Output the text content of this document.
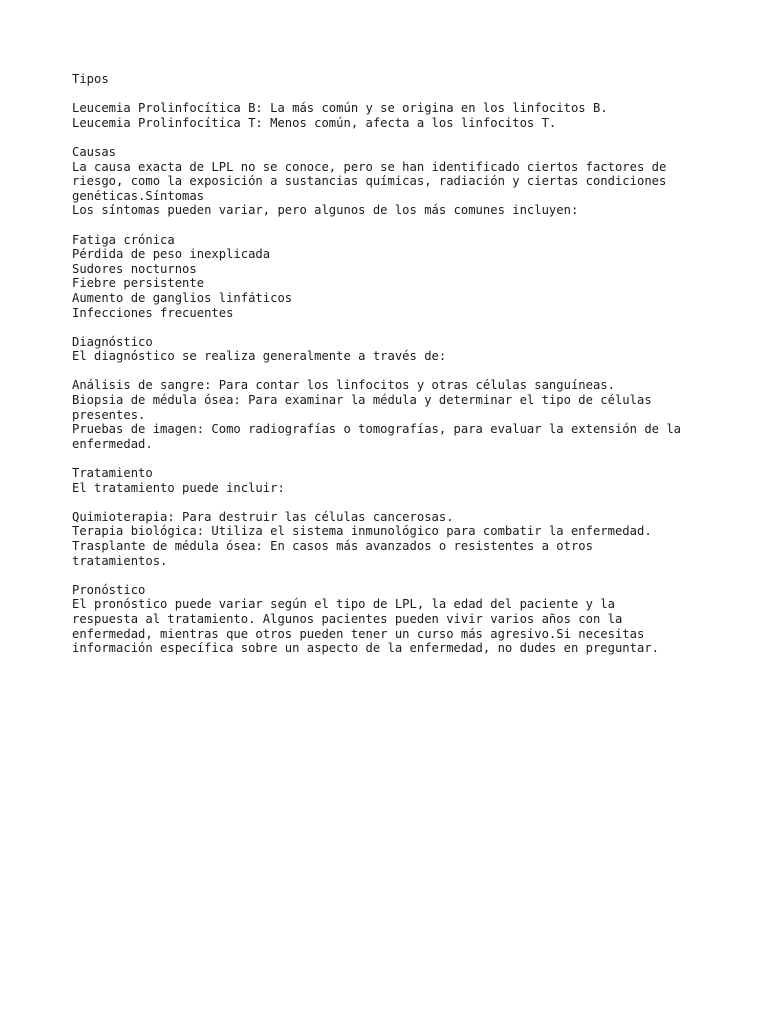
Tipos
Leucemia Prolinfocítica B: La más común y se origina en los linfocitos B.
Leucemia Prolinfocítica T: Menos común, afecta a los linfocitos T.
Causas
La causa exacta de LPL no se conoce, pero se han identificado ciertos factores de
riesgo, como la exposición a sustancias químicas, radiación y ciertas condiciones
genéticas.Síntomas
Los síntomas pueden variar, pero algunos de los más comunes incluyen:
Fatiga crónica
Pérdida de peso inexplicada
Sudores nocturnos
Fiebre persistente
Aumento de ganglios linfáticos
Infecciones frecuentes
Diagnóstico
El diagnóstico se realiza generalmente a través de:
Análisis de sangre: Para contar los linfocitos y otras células sanguíneas.
Biopsia de médula ósea: Para examinar la médula y determinar el tipo de células
presentes.
Pruebas de imagen: Como radiografías o tomografías, para evaluar la extensión de la
enfermedad.
Tratamiento
El tratamiento puede incluir:
Quimioterapia: Para destruir las células cancerosas.
Terapia biológica: Utiliza el sistema inmunológico para combatir la enfermedad.
Trasplante de médula ósea: En casos más avanzados o resistentes a otros
tratamientos.
Pronóstico
El pronóstico puede variar según el tipo de LPL, la edad del paciente y la
respuesta al tratamiento. Algunos pacientes pueden vivir varios años con la
enfermedad, mientras que otros pueden tener un curso más agresivo.Si necesitas
información específica sobre un aspecto de la enfermedad, no dudes en preguntar.
